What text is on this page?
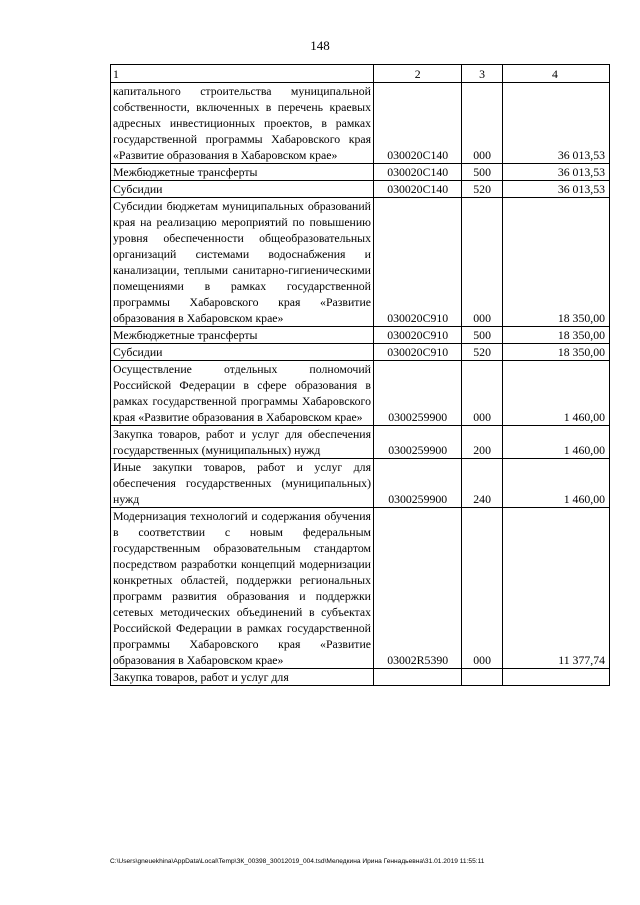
148
1	2	3	4
капитального строительства муниципальной собственности, включенных в перечень краевых адресных инвестиционных проектов, в рамках государственной программы Хабаровского края «Развитие образования в Хабаровском крае»	030020С140	000	36 013,53
Межбюджетные трансферты	030020С140	500	36 013,53
Субсидии	030020С140	520	36 013,53
Субсидии бюджетам муниципальных образований края на реализацию мероприятий по повышению уровня обеспеченности общеобразовательных организаций системами водоснабжения и канализации, теплыми санитарно-гигиеническими помещениями в рамках государственной программы Хабаровского края «Развитие образования в Хабаровском крае»	030020С910	000	18 350,00
Межбюджетные трансферты	030020С910	500	18 350,00
Субсидии	030020С910	520	18 350,00
Осуществление отдельных полномочий Российской Федерации в сфере образования в рамках государственной программы Хабаровского края «Развитие образования в Хабаровском крае»	0300259900	000	1 460,00
Закупка товаров, работ и услуг для обеспечения государственных (муниципальных) нужд	0300259900	200	1 460,00
Иные закупки товаров, работ и услуг для обеспечения государственных (муниципальных) нужд	0300259900	240	1 460,00
Модернизация технологий и содержания обучения в соответствии с новым федеральным государственным образовательным стандартом посредством разработки концепций модернизации конкретных областей, поддержки региональных программ развития образования и поддержки сетевых методических объединений в субъектах Российской Федерации в рамках государственной программы Хабаровского края «Развитие образования в Хабаровском крае»	03002R5390	000	11 377,74
Закупка товаров, работ и услуг для			
C:\Users\gneuekhina\AppData\Local\Temp\ЗК_00398_30012019_004.tsd\Меледкина Ирина Геннадьевна\31.01.2019 11:55:11
